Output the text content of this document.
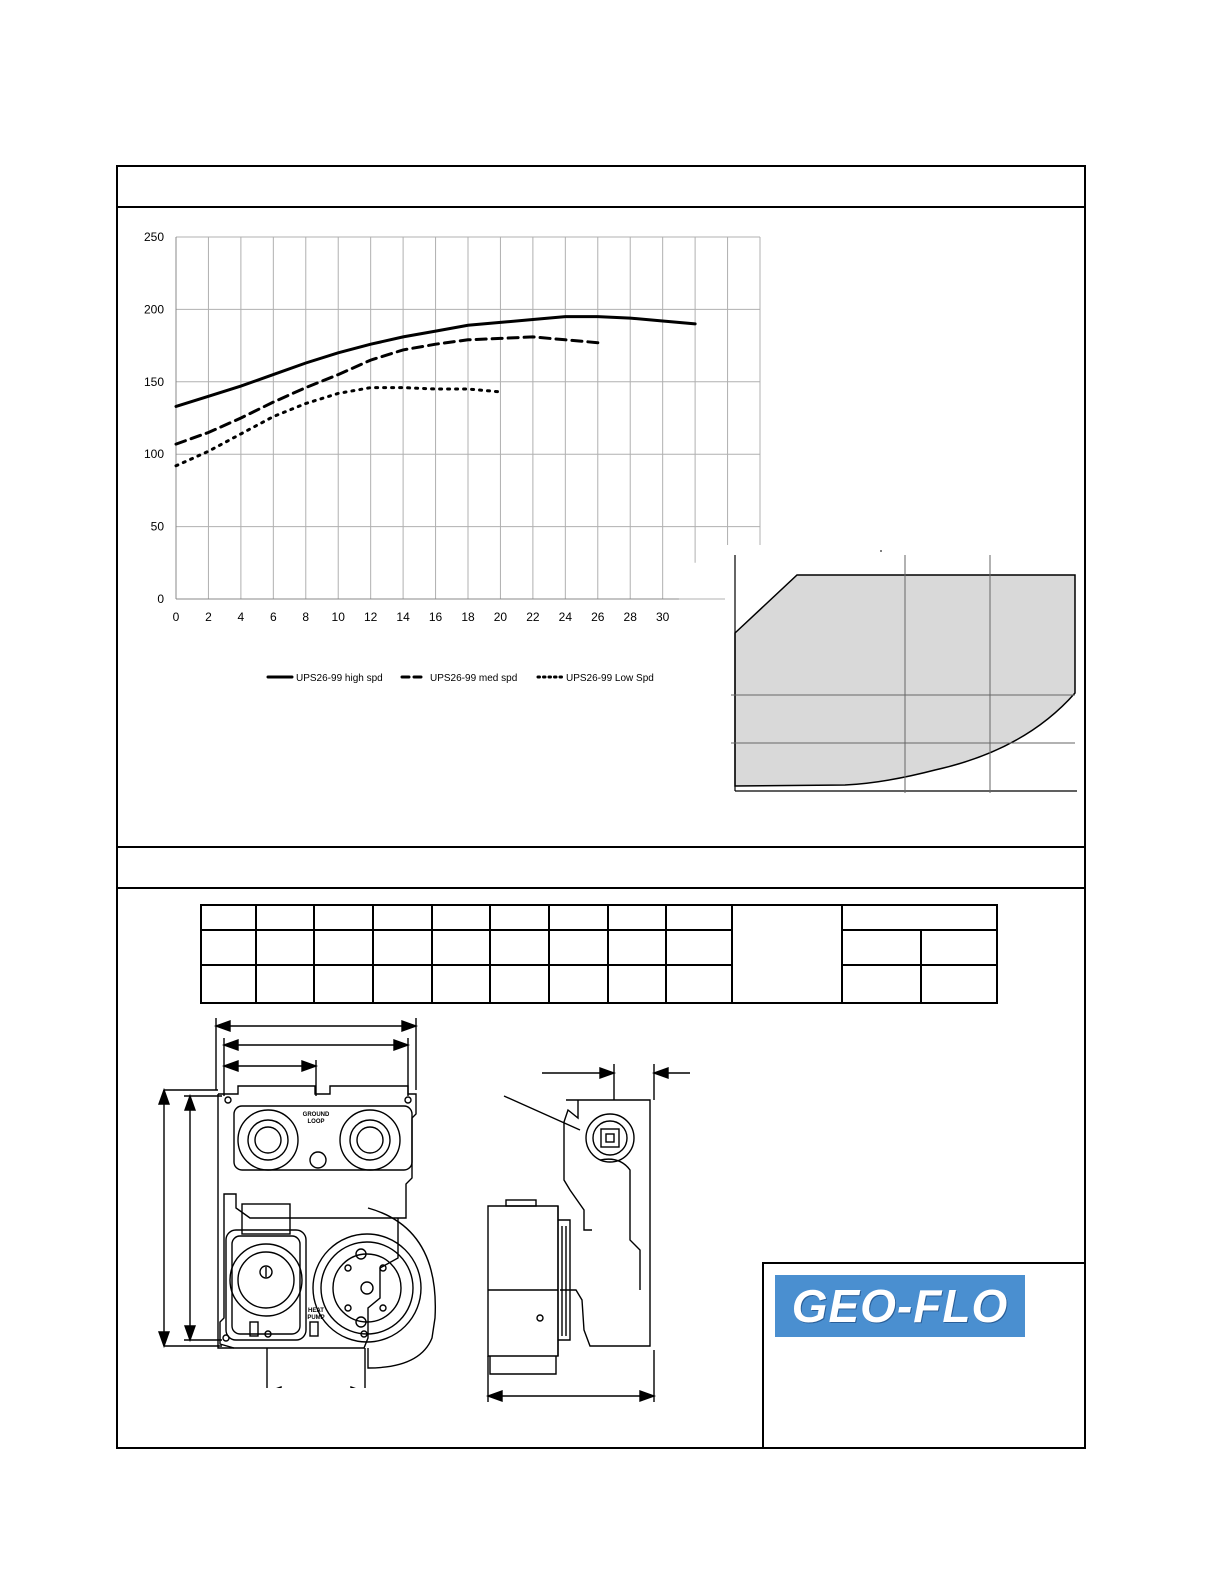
250
200
150
100
50
0
0 2 4 6 8 10 12 14 16 18 20 22 24 26 28 30
UPS26-99 high spd	UPS26-99 med spd	UPS26-99 Low Spd
GROUND
LOOP
HEAT
PUMP	GEO-FLO
